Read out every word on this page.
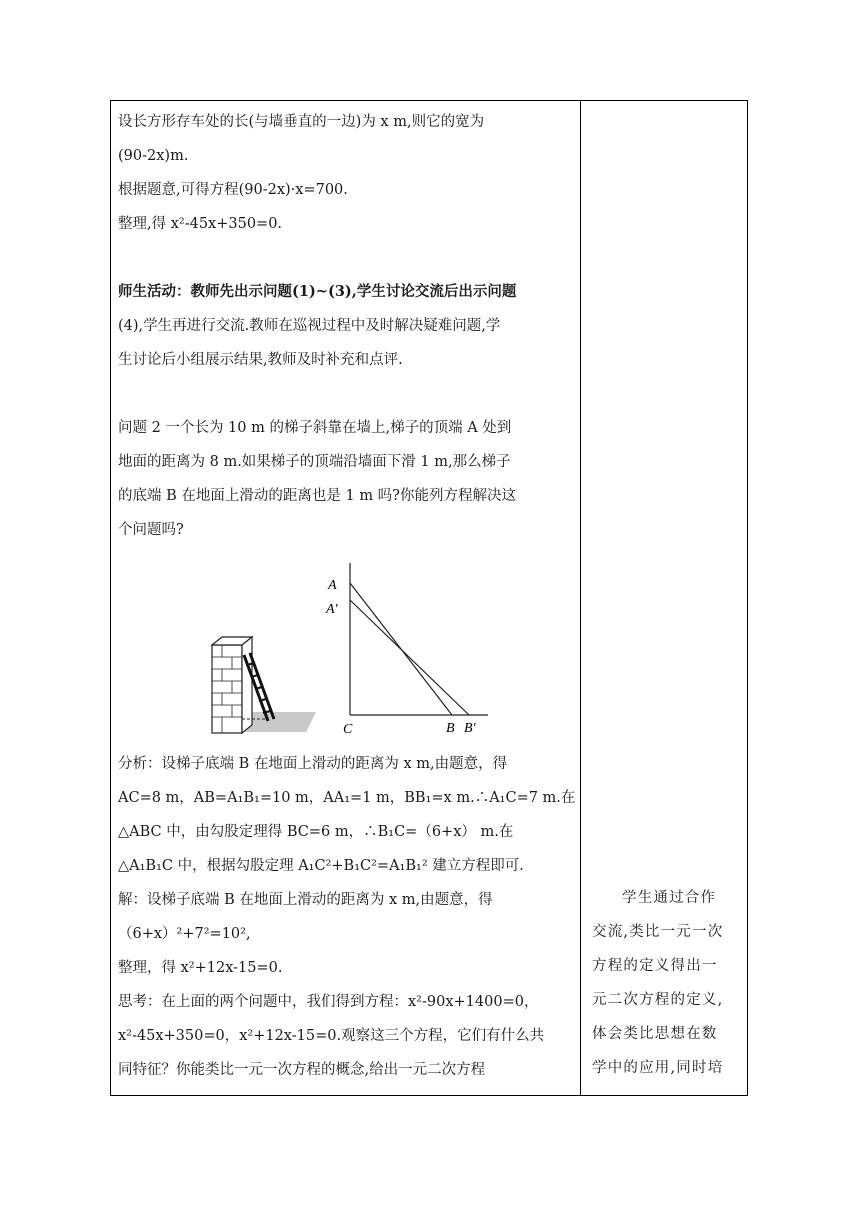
设长方形存车处的长(与墙垂直的一边)为 x m,则它的宽为
(90-2x)m.
根据题意,可得方程(90-2x)·x=700.
整理,得 x²-45x+350=0.
师生活动：教师先出示问题(1)~(3),学生讨论交流后出示问题
(4),学生再进行交流.教师在巡视过程中及时解决疑难问题,学
生讨论后小组展示结果,教师及时补充和点评.
问题 2 一个长为 10 m 的梯子斜靠在墙上,梯子的顶端 A 处到
地面的距离为 8 m.如果梯子的顶端沿墙面下滑 1 m,那么梯子
的底端 B 在地面上滑动的距离也是 1 m 吗?你能列方程解决这
个问题吗?
A
A′
C	B B′
分析：设梯子底端 B 在地面上滑动的距离为 x m,由题意，得
AC=8 m，AB=A₁B₁=10 m，AA₁=1 m，BB₁=x m.∴A₁C=7 m.在
△ABC 中，由勾股定理得 BC=6 m，∴B₁C=（6+x） m.在
△A₁B₁C 中，根据勾股定理 A₁C²+B₁C²=A₁B₁² 建立方程即可.
解：设梯子底端 B 在地面上滑动的距离为 x m,由题意，得
（6+x）²+7²=10²,
整理，得 x²+12x-15=0.
思考：在上面的两个问题中，我们得到方程：x²-90x+1400=0，
x²-45x+350=0，x²+12x-15=0.观察这三个方程，它们有什么共
同特征？你能类比一元一次方程的概念,给出一元二次方程
学生通过合作
交流,类比一元一次
方程的定义得出一
元二次方程的定义,
体会类比思想在数
学中的应用,同时培
